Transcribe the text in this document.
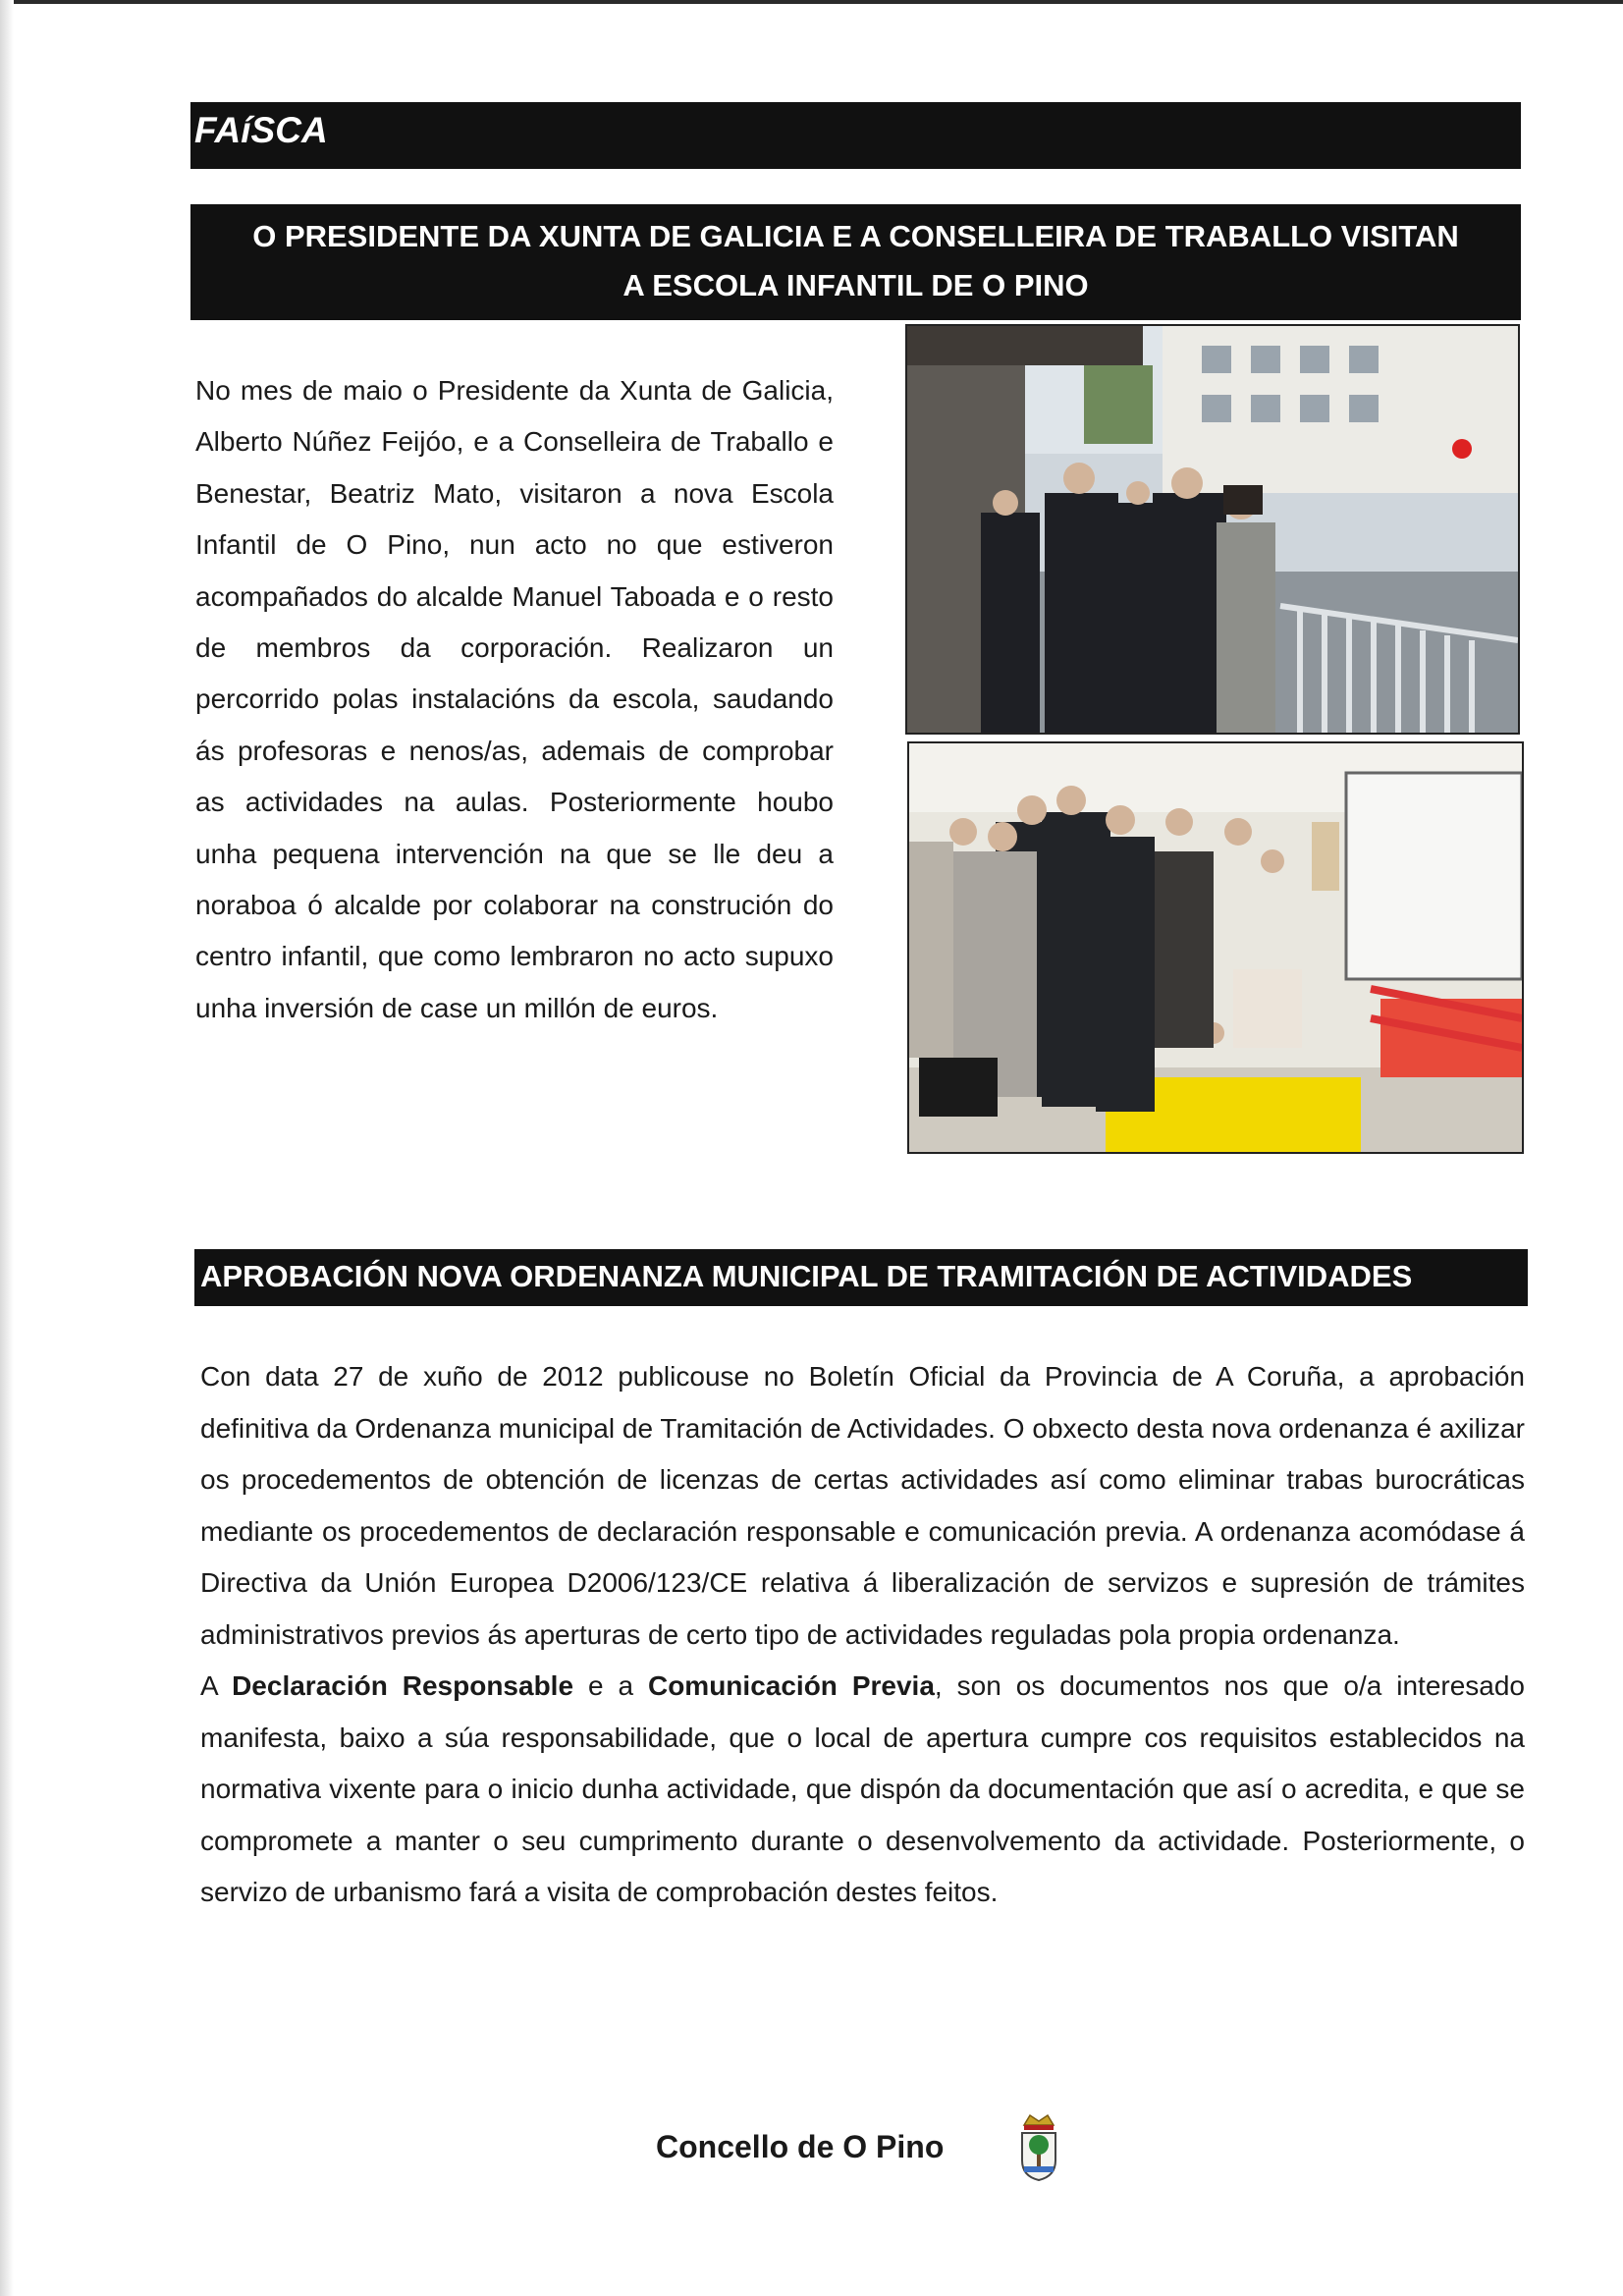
FAíSCA
O PRESIDENTE DA XUNTA DE GALICIA E A CONSELLEIRA DE TRABALLO VISITAN
A ESCOLA INFANTIL DE O PINO

No mes de maio o Presidente da Xunta de Galicia, Alberto Núñez Feijóo, e a Conselleira de Traballo e Benestar, Beatriz Mato, visitaron a nova Escola Infantil de O Pino, nun acto no que estiveron acompañados do alcalde Manuel Taboada e o resto de membros da corporación. Realizaron un percorrido polas instalacións da escola, saudando ás profesoras e nenos/as, ademais de comprobar as actividades na aulas. Posteriormente houbo unha pequena intervención na que se lle deu a noraboa ó alcalde por colaborar na construción do centro infantil, que como lembraron no acto supuxo unha inversión de case un millón de euros.

APROBACIÓN NOVA ORDENANZA MUNICIPAL DE TRAMITACIÓN DE ACTIVIDADES

Con data 27 de xuño de 2012 publicouse no Boletín Oficial da Provincia de A Coruña, a aprobación definitiva da Ordenanza municipal de Tramitación de Actividades. O obxecto desta nova ordenanza é axilizar os procedementos de obtención de licenzas de certas actividades así como eliminar trabas burocráticas mediante os procedementos de declaración responsable e comunicación previa. A ordenanza acomódase á Directiva da Unión Europea D2006/123/CE relativa á liberalización de servizos e supresión de trámites administrativos previos ás aperturas de certo tipo de actividades reguladas pola propia ordenanza.

A Declaración Responsable e a Comunicación Previa, son os documentos nos que o/a interesado manifesta, baixo a súa responsabilidade, que o local de apertura cumpre cos requisitos establecidos na normativa vixente para o inicio dunha actividade, que dispón da documentación que así o acredita, e que se compromete a manter o seu cumprimento durante o desenvolvemento da actividade. Posteriormente, o servizo de urbanismo fará a visita de comprobación destes feitos.

Concello de O Pino
